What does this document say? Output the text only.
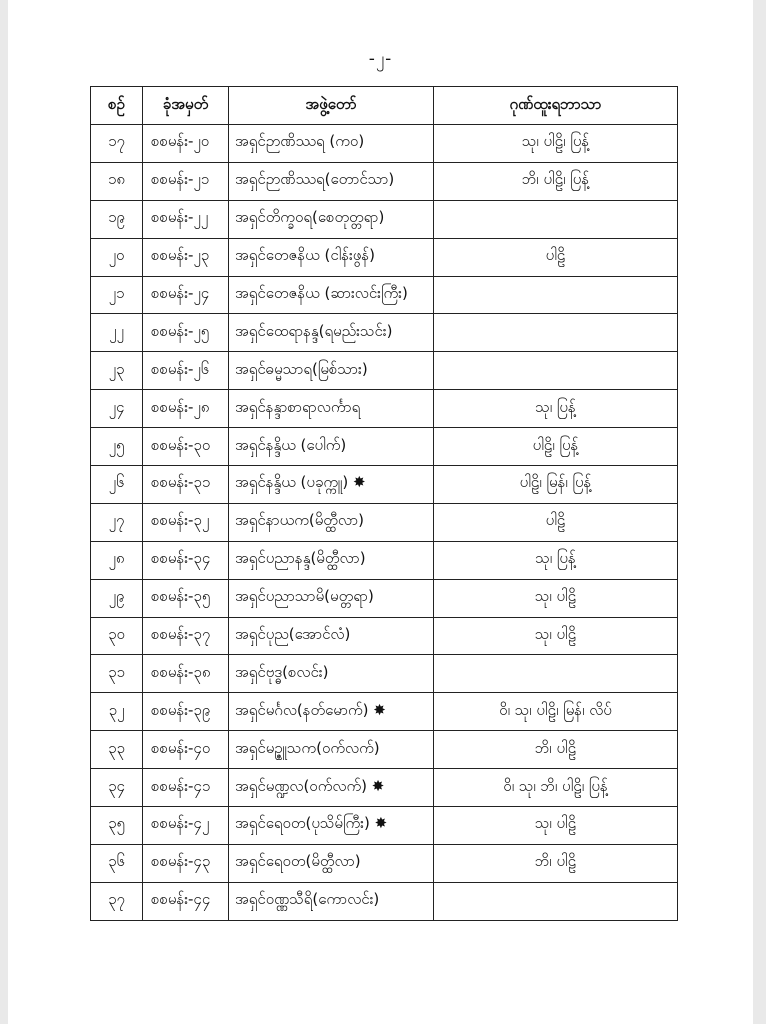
-၂-
စဉ်	ခုံအမှတ်	အဖွဲ့တော်	ဂုဏ်ထူးရဘာသာ
၁၇	စစမန်း-၂၀	အရှင်ဉာဏိဿရ (ကဝ)	သု၊ ပါဠိ၊ ပြန့်
၁၈	စစမန်း-၂၁	အရှင်ဉာဏိဿရ(တောင်သာ)	ဘိ၊ ပါဠိ၊ ပြန့်
၁၉	စစမန်း-၂၂	အရှင်တိက္ခဝရ(စေတုတ္တရာ)	
၂၀	စစမန်း-၂၃	အရှင်တေဇနိယ (ငါန်းဖွန်)	ပါဠိ
၂၁	စစမန်း-၂၄	အရှင်တေဇနိယ (ဆားလင်းကြီး)	
၂၂	စစမန်း-၂၅	အရှင်ထေရာနန္ဒ(ရမည်းသင်း)	
၂၃	စစမန်း-၂၆	အရှင်ဓမ္မသာရ(မြစ်သား)	
၂၄	စစမန်း-၂၈	အရှင်နန္ဒာစာရာလင်္ကာရ	သု၊ ပြန့်
၂၅	စစမန်း-၃၀	အရှင်နန္ဒိယ (ပေါက်)	ပါဠိ၊ ပြန့်
၂၆	စစမန်း-၃၁	အရှင်နန္ဒိယ (ပခုက္ကူ) ✸	ပါဠိ၊ မြန်၊ ပြန့်
၂၇	စစမန်း-၃၂	အရှင်နာယက(မိတ္ထီလာ)	ပါဠိ
၂၈	စစမန်း-၃၄	အရှင်ပညာနန္ဒ(မိတ္ထီလာ)	သု၊ ပြန့်
၂၉	စစမန်း-၃၅	အရှင်ပညာသာမိ(မတ္တရာ)	သု၊ ပါဠိ
၃၀	စစမန်း-၃၇	အရှင်ပုည(အောင်လံ)	သု၊ ပါဠိ
၃၁	စစမန်း-၃၈	အရှင်ဗုဒ္ဓ(စလင်း)	
၃၂	စစမန်း-၃၉	အရှင်မင်္ဂလ(နတ်မောက်) ✸	ဝိ၊ သု၊ ပါဠိ၊ မြန်၊ လိပ်
၃၃	စစမန်း-၄၀	အရှင်မဥ္ဇူသက(ဝက်လက်)	ဘိ၊ ပါဠိ
၃၄	စစမန်း-၄၁	အရှင်မဏ္ဍလ(ဝက်လက်) ✸	ဝိ၊ သု၊ ဘိ၊ ပါဠိ၊ ပြန့်
၃၅	စစမန်း-၄၂	အရှင်ရေဝတ(ပုသိမ်ကြီး) ✸	သု၊ ပါဠိ
၃၆	စစမန်း-၄၃	အရှင်ရေဝတ(မိတ္ထီလာ)	ဘိ၊ ပါဠိ
၃၇	စစမန်း-၄၄	အရှင်ဝဏ္ဏသီရိ(ကောလင်း)	
